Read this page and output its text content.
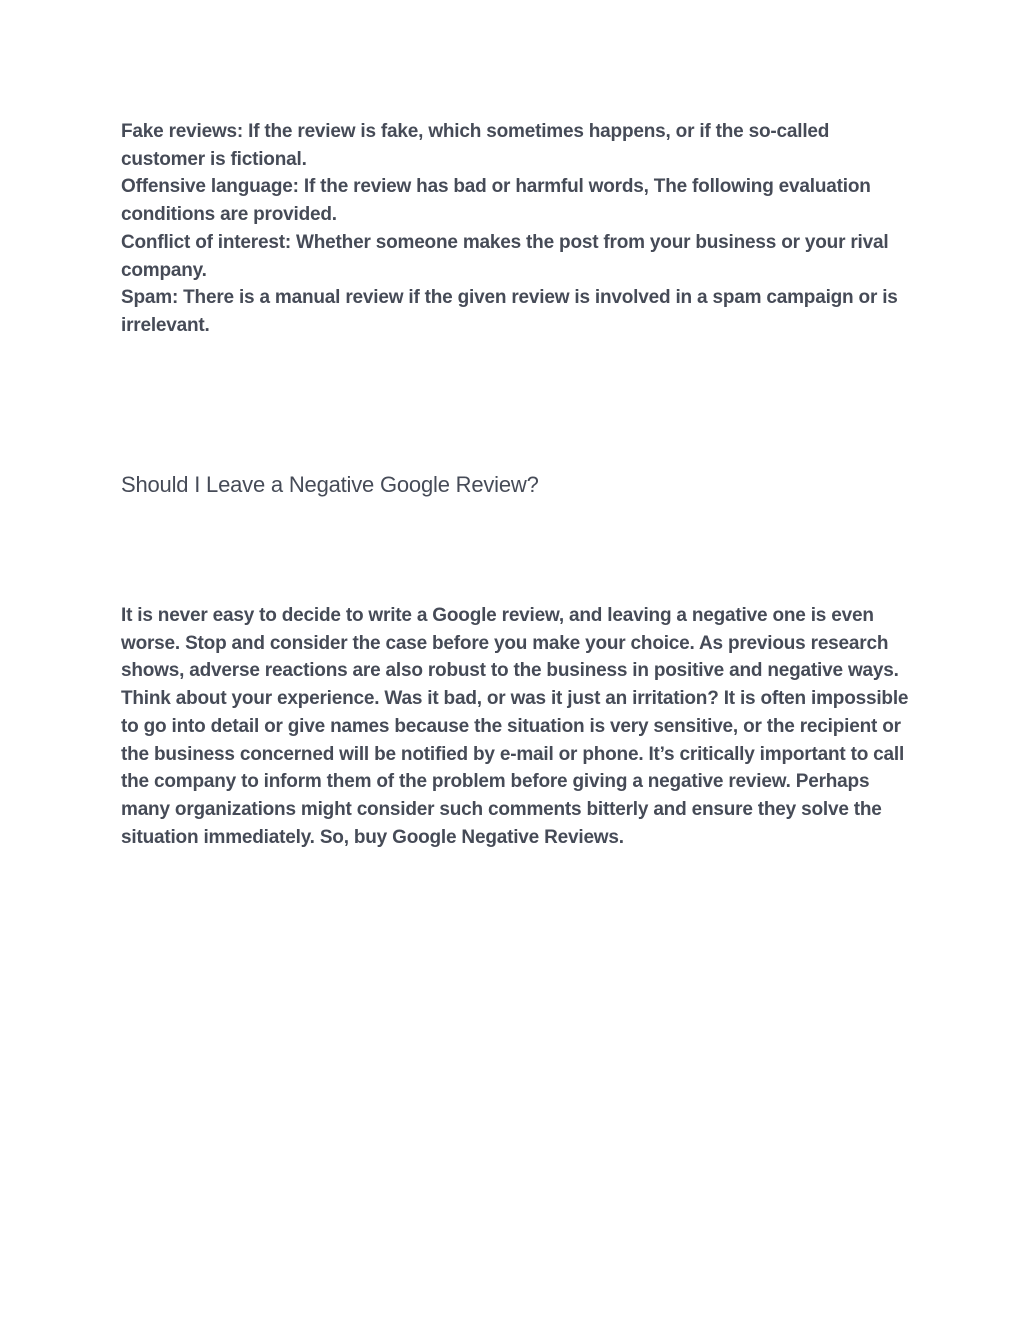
Fake reviews: If the review is fake, which sometimes happens, or if the so-called customer is fictional.
Offensive language: If the review has bad or harmful words, The following evaluation conditions are provided.
Conflict of interest: Whether someone makes the post from your business or your rival company.
Spam: There is a manual review if the given review is involved in a spam campaign or is irrelevant.
Should I Leave a Negative Google Review?

It is never easy to decide to write a Google review, and leaving a negative one is even worse. Stop and consider the case before you make your choice. As previous research shows, adverse reactions are also robust to the business in positive and negative ways. Think about your experience. Was it bad, or was it just an irritation? It is often impossible to go into detail or give names because the situation is very sensitive, or the recipient or the business concerned will be notified by e-mail or phone. It’s critically important to call the company to inform them of the problem before giving a negative review. Perhaps many organizations might consider such comments bitterly and ensure they solve the situation immediately. So, buy Google Negative Reviews.
